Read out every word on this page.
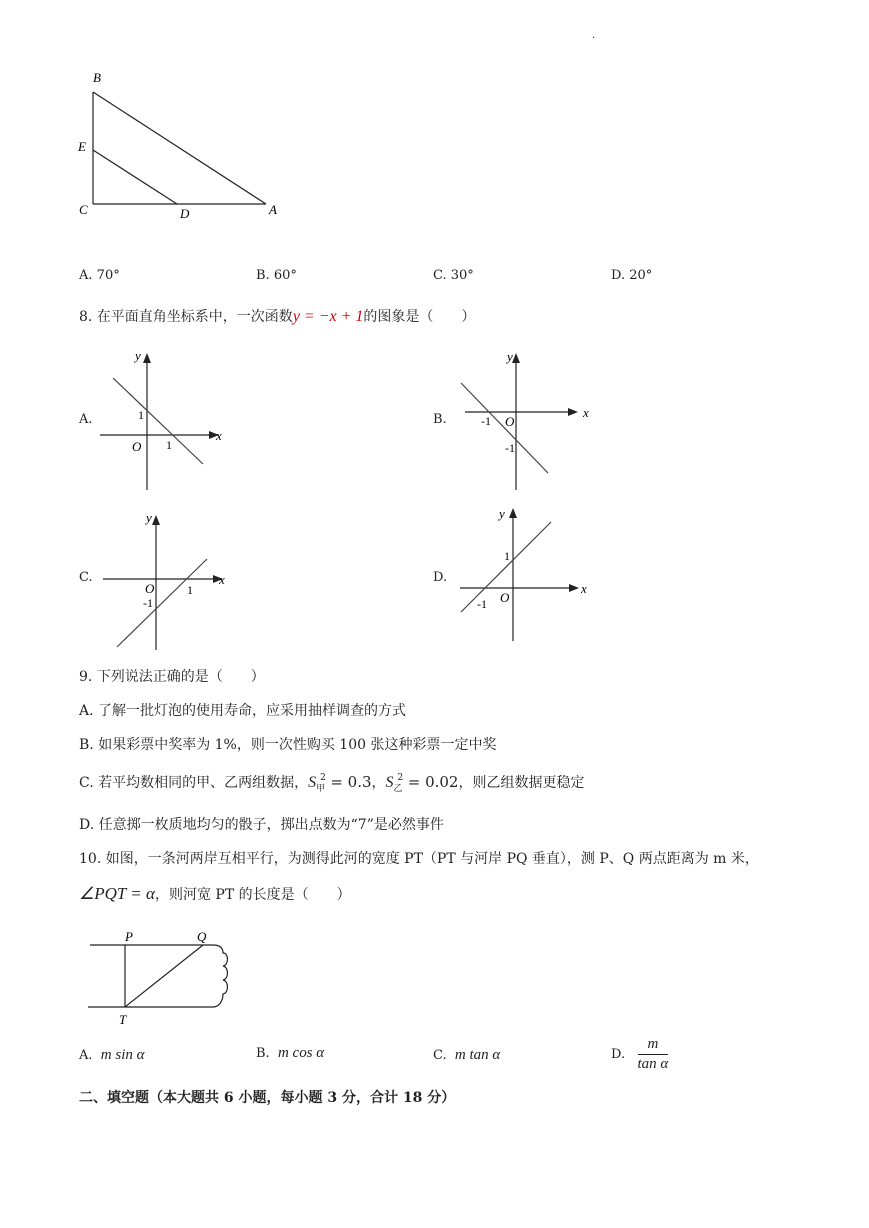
.
B
E
C	D	A
A. 70°	B. 60°	C. 30°	D. 20°
8. 在平面直角坐标系中，一次函数y = −x + 1的图象是（　　）
A.	B.
C.	D.
y
x
O
1
1
y
x
O
-1
-1
y
x
O
-1
1
y
x
O
1
-1
9. 下列说法正确的是（　　）
A. 了解一批灯泡的使用寿命，应采用抽样调查的方式
B. 如果彩票中奖率为 1%，则一次性购买 100 张这种彩票一定中奖
C. 若平均数相同的甲、乙两组数据，$S_甲^2 = 0.3$，$S_乙^2 = 0.02$，则乙组数据更稳定
D. 任意掷一枚质地均匀的骰子，掷出点数为“7”是必然事件
10. 如图，一条河两岸互相平行，为测得此河的宽度 PT（PT 与河岸 PQ 垂直），测 P、Q 两点距离为 m 米，
∠PQT = α，则河宽 PT 的长度是（　　）
P	Q
T
A. m sin α	B. m cos α	C. m tan α	D. $\frac{m}{\text{tan α}}$
二、填空题（本大题共 6 小题，每小题 3 分，合计 18 分）
